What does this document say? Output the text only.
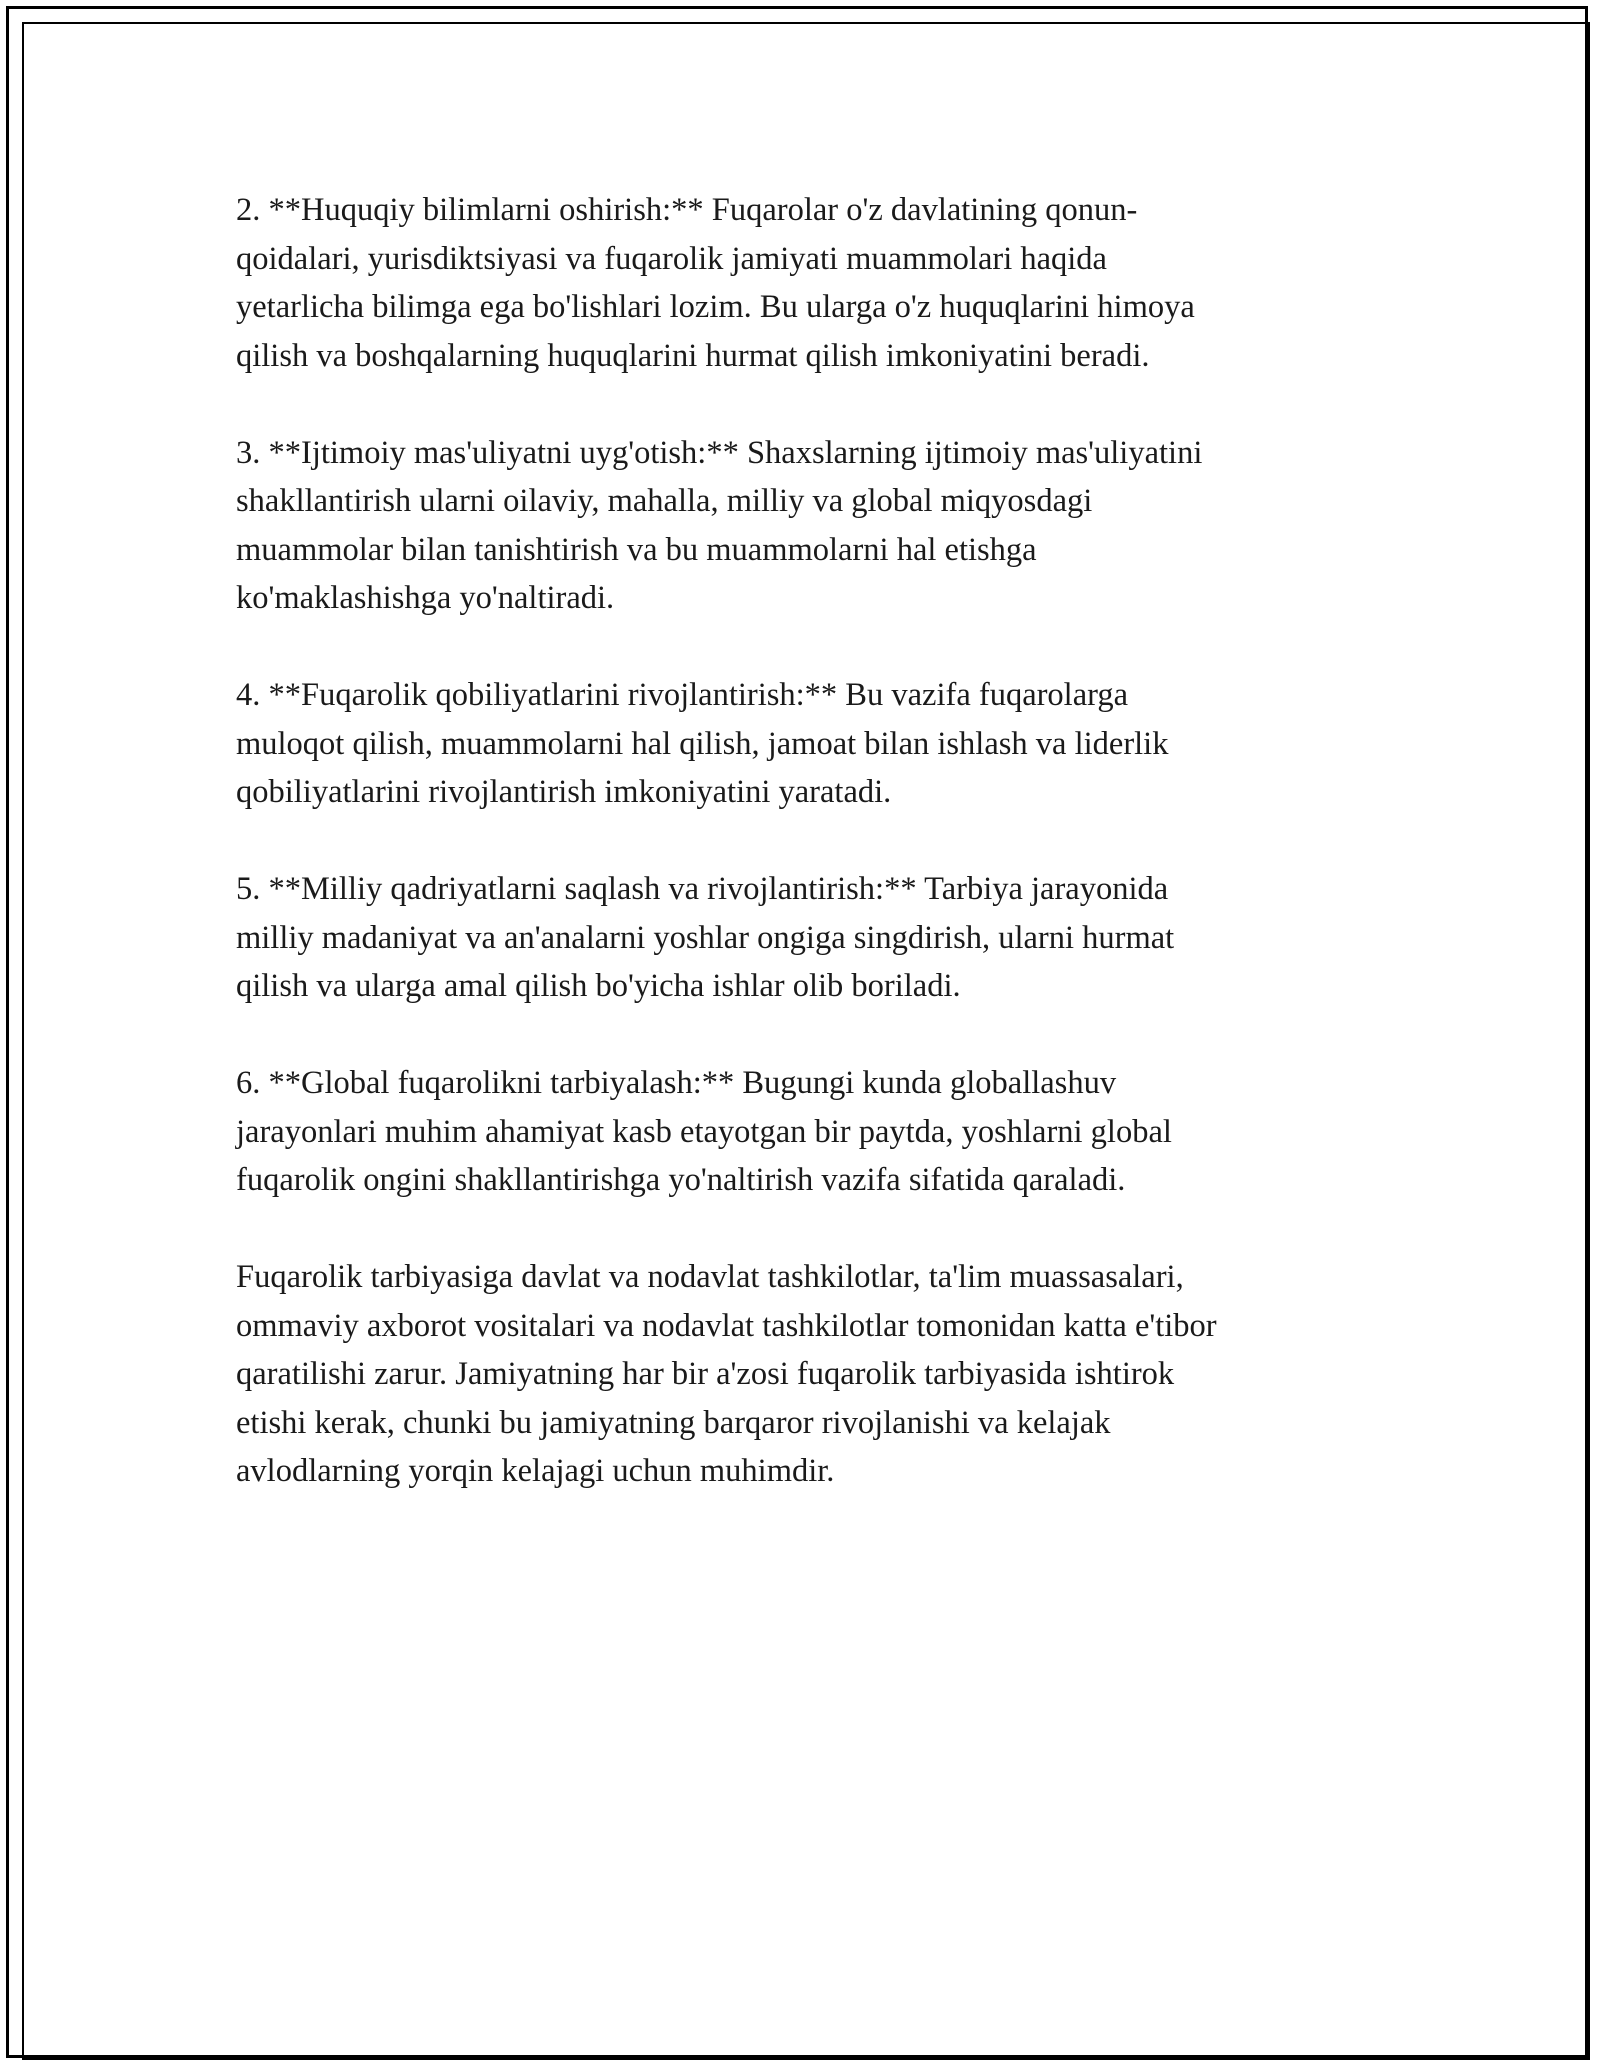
2. **Huquqiy bilimlarni oshirish:** Fuqarolar o'z davlatining qonun-
qoidalari, yurisdiktsiyasi va fuqarolik jamiyati muammolari haqida
yetarlicha bilimga ega bo'lishlari lozim. Bu ularga o'z huquqlarini himoya
qilish va boshqalarning huquqlarini hurmat qilish imkoniyatini beradi.

3. **Ijtimoiy mas'uliyatni uyg'otish:** Shaxslarning ijtimoiy mas'uliyatini
shakllantirish ularni oilaviy, mahalla, milliy va global miqyosdagi
muammolar bilan tanishtirish va bu muammolarni hal etishga
ko'maklashishga yo'naltiradi.

4. **Fuqarolik qobiliyatlarini rivojlantirish:** Bu vazifa fuqarolarga
muloqot qilish, muammolarni hal qilish, jamoat bilan ishlash va liderlik
qobiliyatlarini rivojlantirish imkoniyatini yaratadi.

5. **Milliy qadriyatlarni saqlash va rivojlantirish:** Tarbiya jarayonida
milliy madaniyat va an'analarni yoshlar ongiga singdirish, ularni hurmat
qilish va ularga amal qilish bo'yicha ishlar olib boriladi.

6. **Global fuqarolikni tarbiyalash:** Bugungi kunda globallashuv
jarayonlari muhim ahamiyat kasb etayotgan bir paytda, yoshlarni global
fuqarolik ongini shakllantirishga yo'naltirish vazifa sifatida qaraladi.

Fuqarolik tarbiyasiga davlat va nodavlat tashkilotlar, ta'lim muassasalari,
ommaviy axborot vositalari va nodavlat tashkilotlar tomonidan katta e'tibor
qaratilishi zarur. Jamiyatning har bir a'zosi fuqarolik tarbiyasida ishtirok
etishi kerak, chunki bu jamiyatning barqaror rivojlanishi va kelajak
avlodlarning yorqin kelajagi uchun muhimdir.
